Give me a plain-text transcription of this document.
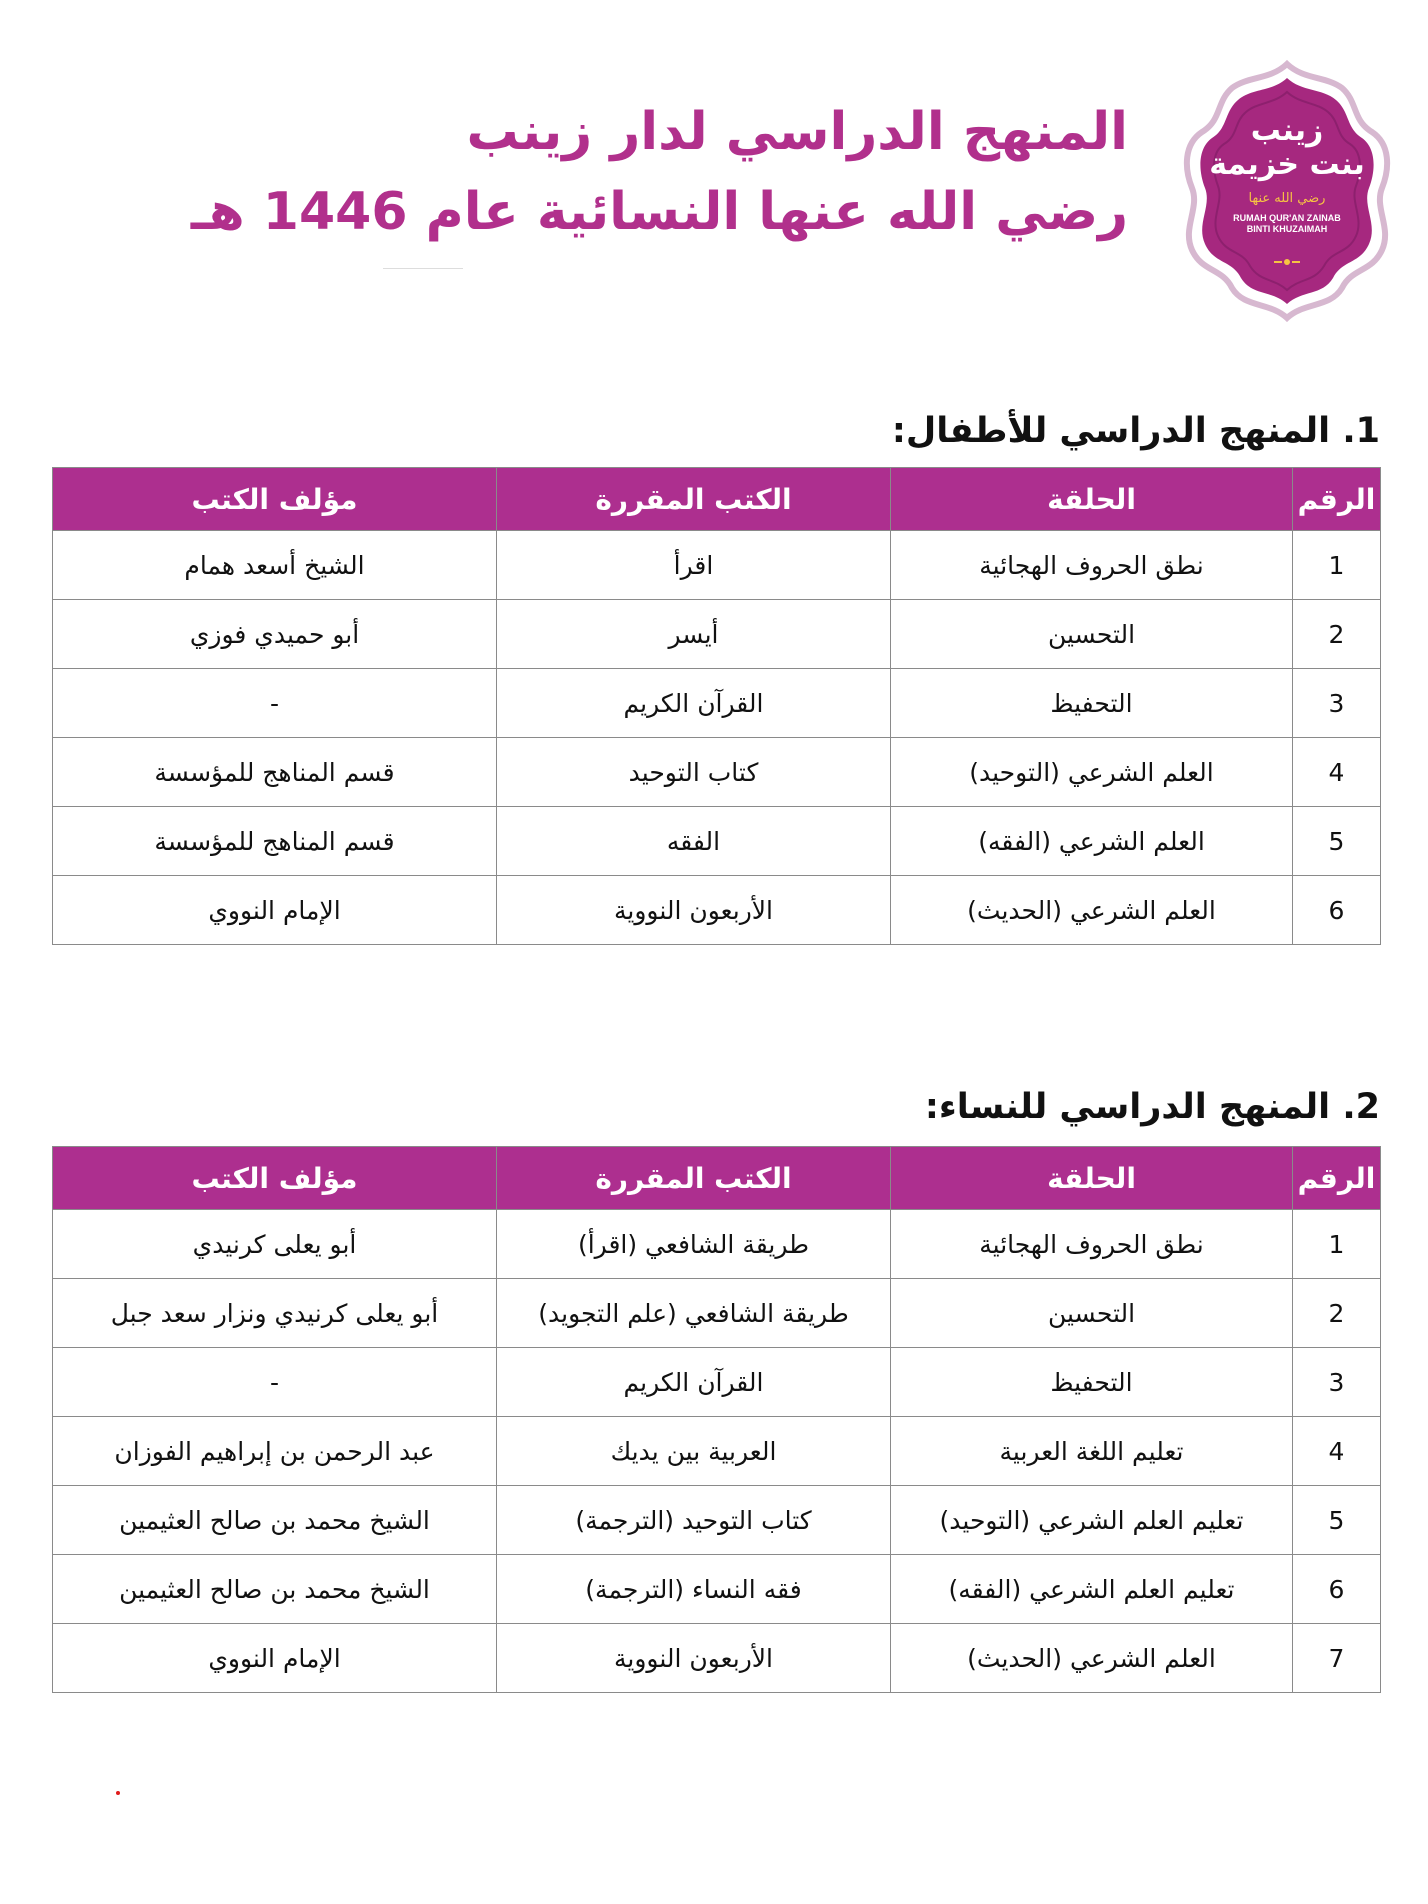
زينب
بنت خزيمة
رضي الله عنها
RUMAH QUR'AN ZAINAB BINTI KHUZAIMAH
المنهج الدراسي لدار زينب
رضي الله عنها النسائية عام 1446 هـ
1. المنهج الدراسي للأطفال:
الرقم	الحلقة	الكتب المقررة	مؤلف الكتب
1	نطق الحروف الهجائية	اقرأ	الشيخ أسعد همام
2	التحسين	أيسر	أبو حميدي فوزي
3	التحفيظ	القرآن الكريم	-
4	العلم الشرعي (التوحيد)	كتاب التوحيد	قسم المناهج للمؤسسة
5	العلم الشرعي (الفقه)	الفقه	قسم المناهج للمؤسسة
6	العلم الشرعي (الحديث)	الأربعون النووية	الإمام النووي
2. المنهج الدراسي للنساء:
الرقم	الحلقة	الكتب المقررة	مؤلف الكتب
1	نطق الحروف الهجائية	طريقة الشافعي (اقرأ)	أبو يعلى كرنيدي
2	التحسين	طريقة الشافعي (علم التجويد)	أبو يعلى كرنيدي ونزار سعد جبل
3	التحفيظ	القرآن الكريم	-
4	تعليم اللغة العربية	العربية بين يديك	عبد الرحمن بن إبراهيم الفوزان
5	تعليم العلم الشرعي (التوحيد)	كتاب التوحيد (الترجمة)	الشيخ محمد بن صالح العثيمين
6	تعليم العلم الشرعي (الفقه)	فقه النساء (الترجمة)	الشيخ محمد بن صالح العثيمين
7	العلم الشرعي (الحديث)	الأربعون النووية	الإمام النووي
